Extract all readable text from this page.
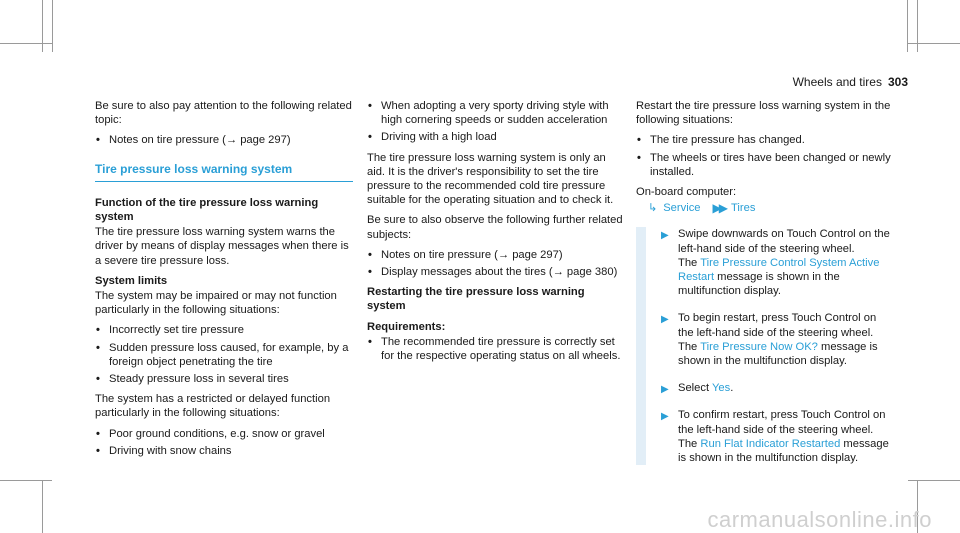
Wheels and tires 303

Be sure to also pay attention to the following related topic:

• Notes on tire pressure (→ page 297)
Tire pressure loss warning system

Function of the tire pressure loss warning system

The tire pressure loss warning system warns the driver by means of display messages when there is a severe tire pressure loss.

System limits

The system may be impaired or may not function particularly in the following situations:

• Incorrectly set tire pressure
• Sudden pressure loss caused, for example, by a foreign object penetrating the tire
• Steady pressure loss in several tires

The system has a restricted or delayed function particularly in the following situations:

• Poor ground conditions, e.g. snow or gravel
• Driving with snow chains
• When adopting a very sporty driving style with high cornering speeds or sudden acceleration
• Driving with a high load

The tire pressure loss warning system is only an aid. It is the driver's responsibility to set the tire pressure to the recommended cold tire pressure suitable for the operating situation and to check it.

Be sure to also observe the following further related subjects:

• Notes on tire pressure (→ page 297)
• Display messages about the tires (→ page 380)

Restarting the tire pressure loss warning system

Requirements:

• The recommended tire pressure is correctly set for the respective operating status on all wheels.

Restart the tire pressure loss warning system in the following situations:

• The tire pressure has changed.
• The wheels or tires have been changed or newly installed.

On-board computer:

↳ Service ▶▶ Tires
▶ Swipe downwards on Touch Control on the left-hand side of the steering wheel.
The Tire Pressure Control System Active Restart message is shown in the multifunction display.
▶ To begin restart, press Touch Control on the left-hand side of the steering wheel.
The Tire Pressure Now OK? message is shown in the multifunction display.
▶ Select Yes.
▶ To confirm restart, press Touch Control on the left-hand side of the steering wheel.
The Run Flat Indicator Restarted message is shown in the multifunction display.
carmanualsonline.info
